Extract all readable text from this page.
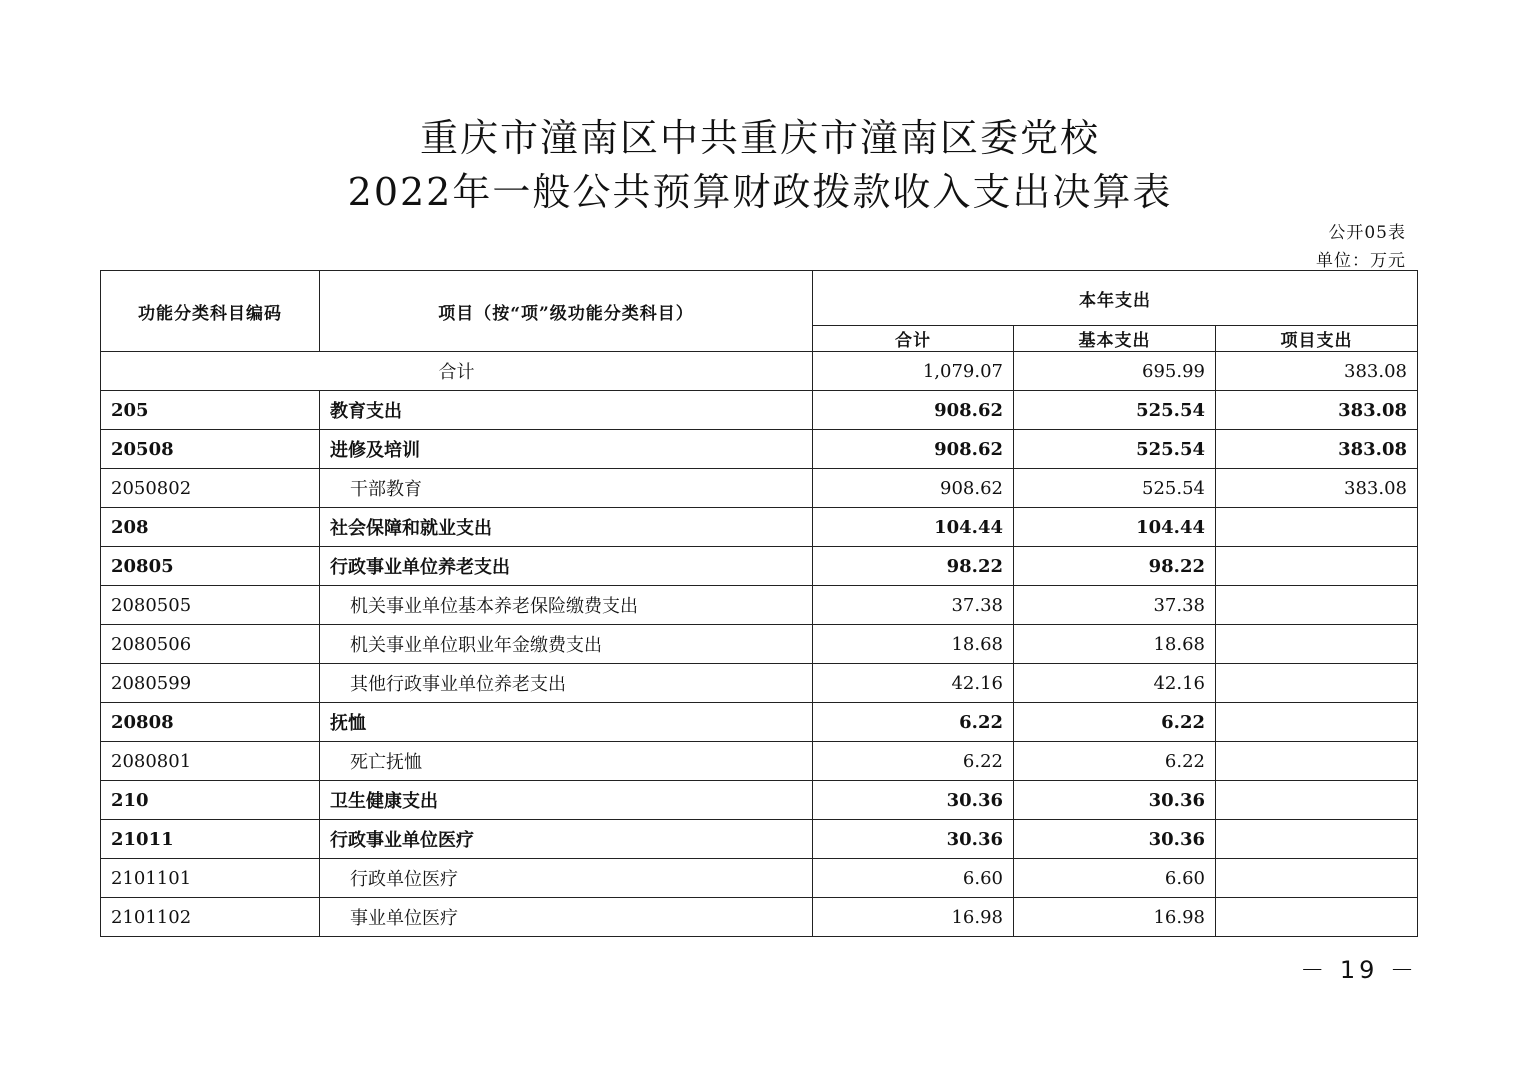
重庆市潼南区中共重庆市潼南区委党校
2022年一般公共预算财政拨款收入支出决算表
公开05表
单位：万元
功能分类科目编码	项目（按“项”级功能分类科目）	本年支出		
		合计	基本支出	项目支出
合计		1,079.07	695.99	383.08
205	教育支出	908.62	525.54	383.08
20508	进修及培训	908.62	525.54	383.08
2050802	干部教育	908.62	525.54	383.08
208	社会保障和就业支出	104.44	104.44	
20805	行政事业单位养老支出	98.22	98.22	
2080505	机关事业单位基本养老保险缴费支出	37.38	37.38	
2080506	机关事业单位职业年金缴费支出	18.68	18.68	
2080599	其他行政事业单位养老支出	42.16	42.16	
20808	抚恤	6.22	6.22	
2080801	死亡抚恤	6.22	6.22	
210	卫生健康支出	30.36	30.36	
21011	行政事业单位医疗	30.36	30.36	
2101101	行政单位医疗	6.60	6.60	
2101102	事业单位医疗	16.98	16.98	
－ 19 －
